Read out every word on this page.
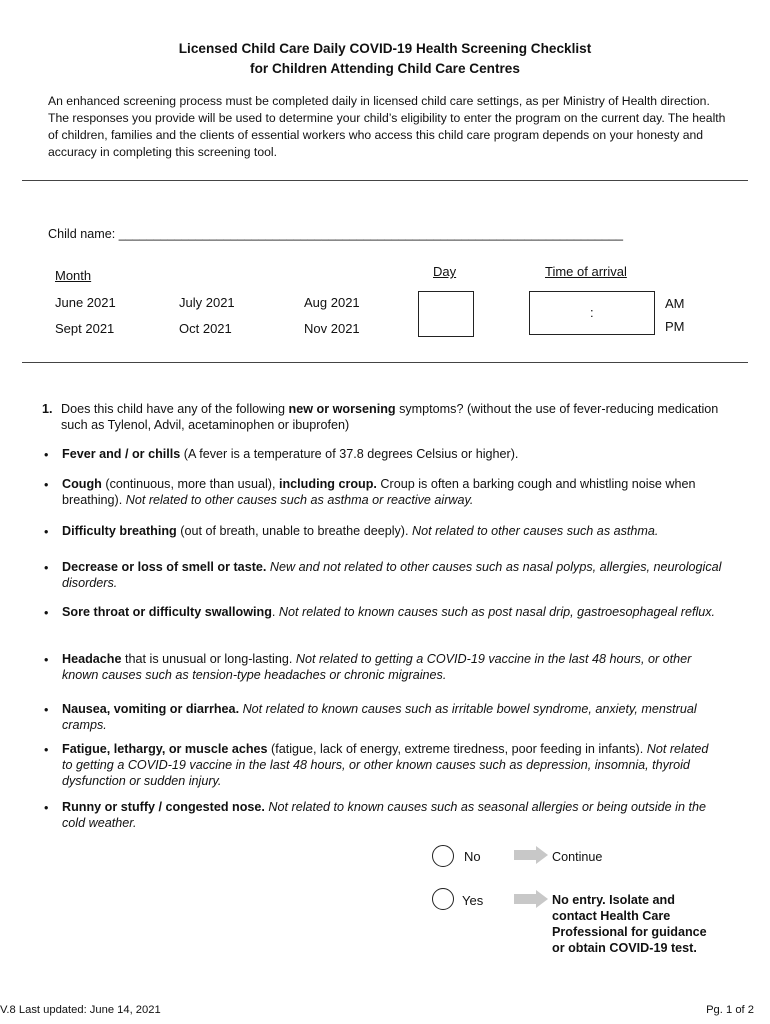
Licensed Child Care Daily COVID-19 Health Screening Checklist
for Children Attending Child Care Centres
An enhanced screening process must be completed daily in licensed child care settings, as per Ministry of Health direction. The responses you provide will be used to determine your child’s eligibility to enter the program on the current day. The health of children, families and the clients of essential workers who access this child care program depends on your honesty and accuracy in completing this screening tool.
Child name: ________________________________________________________________________
Month	Day	Time of arrival
June 2021	July 2021	Aug 2021
Sept 2021	Oct 2021	Nov 2021
:
AM
PM
1. Does this child have any of the following new or worsening symptoms? (without the use of fever-reducing medication such as Tylenol, Advil, acetaminophen or ibuprofen)
• Fever and / or chills (A fever is a temperature of 37.8 degrees Celsius or higher).
• Cough (continuous, more than usual), including croup. Croup is often a barking cough and whistling noise when breathing). Not related to other causes such as asthma or reactive airway.
• Difficulty breathing (out of breath, unable to breathe deeply). Not related to other causes such as asthma.
• Decrease or loss of smell or taste. New and not related to other causes such as nasal polyps, allergies, neurological disorders.
• Sore throat or difficulty swallowing. Not related to known causes such as post nasal drip, gastroesophageal reflux.
• Headache that is unusual or long-lasting. Not related to getting a COVID-19 vaccine in the last 48 hours, or other known causes such as tension-type headaches or chronic migraines.
• Nausea, vomiting or diarrhea. Not related to known causes such as irritable bowel syndrome, anxiety, menstrual cramps.
• Fatigue, lethargy, or muscle aches (fatigue, lack of energy, extreme tiredness, poor feeding in infants). Not related to getting a COVID-19 vaccine in the last 48 hours, or other known causes such as depression, insomnia, thyroid dysfunction or sudden injury.
• Runny or stuffy / congested nose. Not related to known causes such as seasonal allergies or being outside in the cold weather.
No	Continue
Yes	No entry. Isolate and contact Health Care Professional for guidance or obtain COVID-19 test.
V.8 Last updated: June 14, 2021	Pg. 1 of 2
